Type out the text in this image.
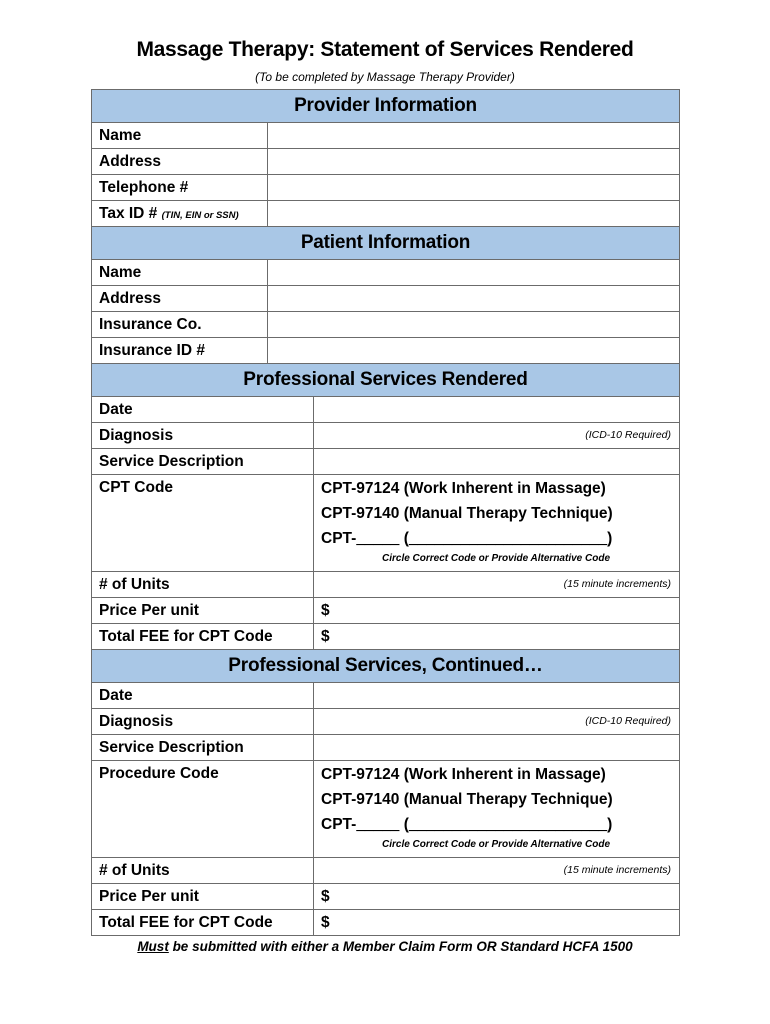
Massage Therapy: Statement of Services Rendered
(To be completed by Massage Therapy Provider)
Provider Information
Name
Address
Telephone #
Tax ID # (TIN, EIN or SSN)
Patient Information
Name
Address
Insurance Co.
Insurance ID #
Professional Services Rendered
Date
Diagnosis	(ICD-10 Required)
Service Description
CPT Code	CPT-97124 (Work Inherent in Massage)
CPT-97140 (Manual Therapy Technique)
CPT-_____ (_______________________)
Circle Correct Code or Provide Alternative Code
# of Units	(15 minute increments)
Price Per unit	$
Total FEE for CPT Code	$
Professional Services, Continued…
Date
Diagnosis	(ICD-10 Required)
Service Description
Procedure Code	CPT-97124 (Work Inherent in Massage)
CPT-97140 (Manual Therapy Technique)
CPT-_____ (_______________________)
Circle Correct Code or Provide Alternative Code
# of Units	(15 minute increments)
Price Per unit	$
Total FEE for CPT Code	$
Must be submitted with either a Member Claim Form OR Standard HCFA 1500
